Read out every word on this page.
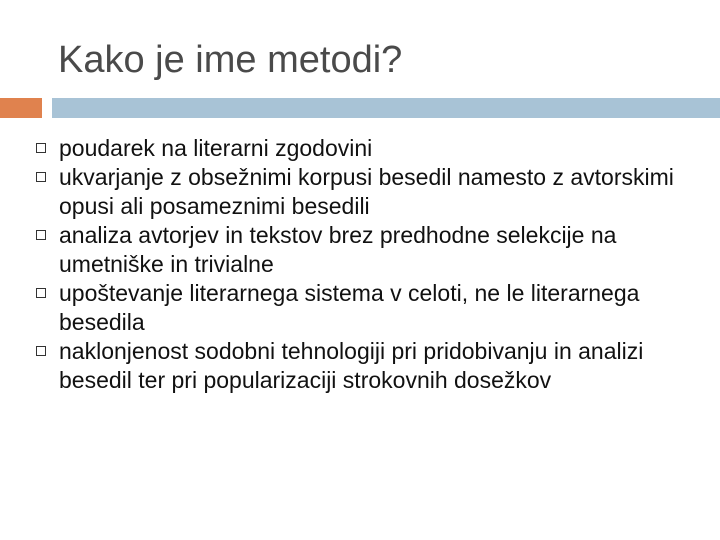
Kako je ime metodi?
poudarek na literarni zgodovini
ukvarjanje z obsežnimi korpusi besedil namesto z avtorskimi opusi ali posameznimi besedili
analiza avtorjev in tekstov brez predhodne selekcije na umetniške in trivialne
upoštevanje literarnega sistema v celoti, ne le literarnega besedila
naklonjenost sodobni tehnologiji pri pridobivanju in analizi besedil ter pri popularizaciji strokovnih dosežkov
